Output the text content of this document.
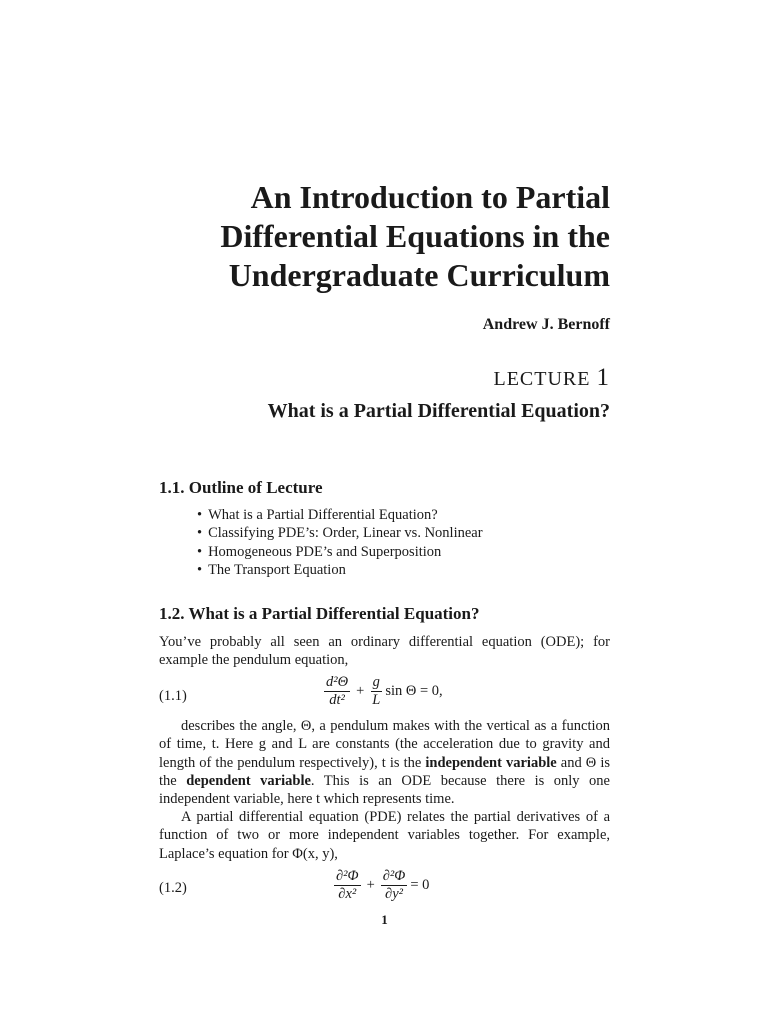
An Introduction to Partial
Differential Equations in the
Undergraduate Curriculum
Andrew J. Bernoff
LECTURE 1
What is a Partial Differential Equation?
1.1. Outline of Lecture
• What is a Partial Differential Equation?
• Classifying PDE’s: Order, Linear vs. Nonlinear
• Homogeneous PDE’s and Superposition
• The Transport Equation
1.2. What is a Partial Differential Equation?

You’ve probably all seen an ordinary differential equation (ODE); for example the pendulum equation,

(1.1)	$\frac{\text{d²Θ}}{\text{dt²}} + \frac{g}{L}$ sin Θ = 0,

describes the angle, Θ, a pendulum makes with the vertical as a function of time, t. Here g and L are constants (the acceleration due to gravity and length of the pendulum respectively), t is the independent variable and Θ is the dependent variable. This is an ODE because there is only one independent variable, here t which represents time.

A partial differential equation (PDE) relates the partial derivatives of a function of two or more independent variables together. For example, Laplace’s equation for Φ(x, y),

(1.2)	$\frac{\text{∂²Φ}}{\text{∂x²}} + \frac{\text{∂²Φ}}{\text{∂y²}} = 0$
1
